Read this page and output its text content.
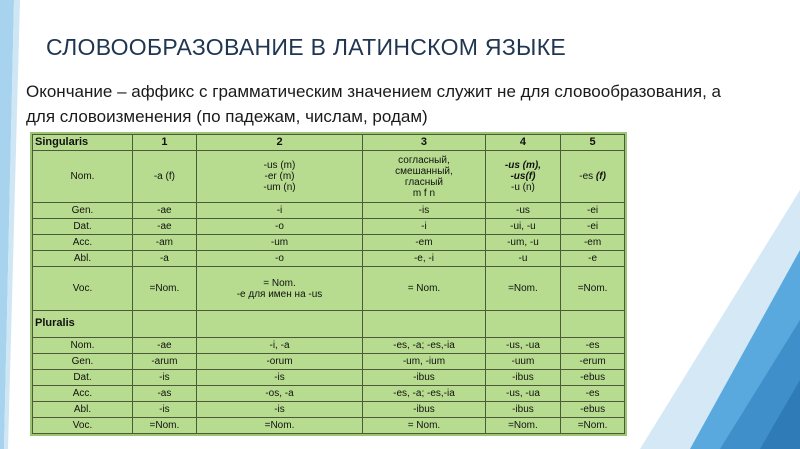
СЛОВООБРАЗОВАНИЕ В ЛАТИНСКОМ ЯЗЫКЕ
Окончание – аффикс с грамматическим значением служит не для словообразования, а для словоизменения (по падежам, числам, родам)
Singularis	1	2	3	4	5
Nom.	-a (f)	-us (m)
-er (m)
-um (n)	согласный,
смешанный,
гласный
m f n	-us (m),
-us(f)
-u (n)	-es (f)
Gen.	-ae	-i	-is	-us	-ei
Dat.	-ae	-o	-i	-ui, -u	-ei
Acc.	-am	-um	-em	-um, -u	-em
Abl.	-a	-o	-e, -i	-u	-e
Voc.	=Nom.	= Nom.
-е для имен на -us	= Nom.	=Nom.	=Nom.
Pluralis					
Nom.	-ae	-i, -a	-es, -a; -es,-ia	-us, -ua	-es
Gen.	-arum	-orum	-um, -ium	-uum	-erum
Dat.	-is	-is	-ibus	-ibus	-ebus
Acc.	-as	-os, -a	-es, -a; -es,-ia	-us, -ua	-es
Abl.	-is	-is	-ibus	-ibus	-ebus
Voc.	=Nom.	=Nom.	= Nom.	=Nom.	=Nom.
